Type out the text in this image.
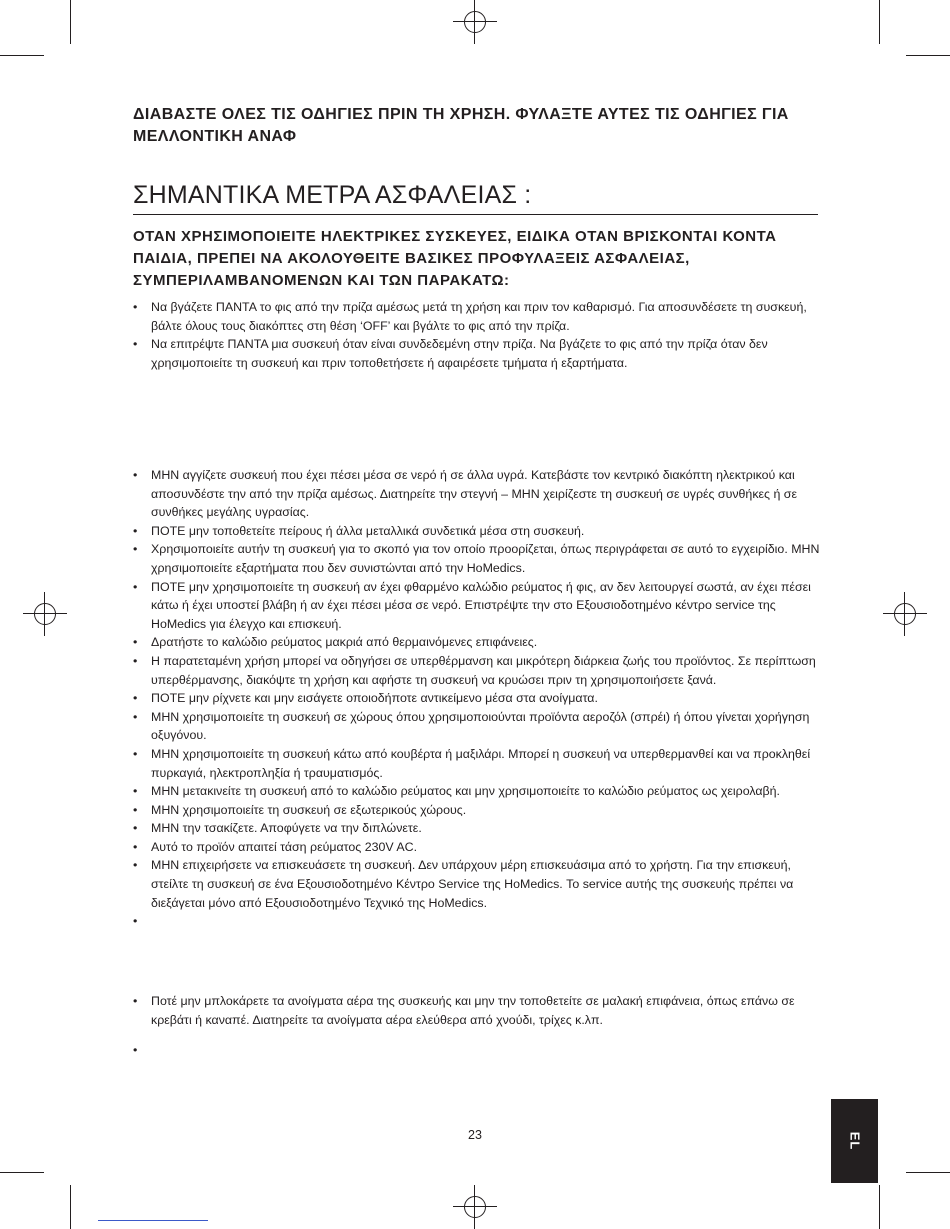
ΔΙΑΒΑΣΤΕ ΟΛΕΣ ΤΙΣ ΟΔΗΓΙΕΣ ΠΡΙΝ ΤΗ ΧΡΗΣΗ. ΦΥΛΑΞΤΕ ΑΥΤΕΣ ΤΙΣ ΟΔΗΓΙΕΣ ΓΙΑ ΜΕΛΛΟΝΤΙΚΗ ΑΝΑΦ
ΣΗΜΑΝΤΙΚΑ ΜΕΤΡΑ ΑΣΦΑΛΕΙΑΣ :

ΟΤΑΝ ΧΡΗΣΙΜΟΠΟΙΕΙΤΕ ΗΛΕΚΤΡΙΚΕΣ ΣΥΣΚΕΥΕΣ, ΕΙΔΙΚΑ ΟΤΑΝ ΒΡΙΣΚΟΝΤΑΙ ΚΟΝΤΑ ΠΑΙΔΙΑ, ΠΡΕΠΕΙ ΝΑ ΑΚΟΛΟΥΘΕΙΤΕ ΒΑΣΙΚΕΣ ΠΡΟΦΥΛΑΞΕΙΣ ΑΣΦΑΛΕΙΑΣ, ΣΥΜΠΕΡΙΛΑΜΒΑΝΟΜΕΝΩΝ ΚΑΙ ΤΩΝ ΠΑΡΑΚΑΤΩ:

• Να βγάζετε ΠΑΝΤΑ το φις από την πρίζα αμέσως μετά τη χρήση και πριν τον καθαρισμό. Για αποσυνδέσετε τη συσκευή, βάλτε όλους τους διακόπτες στη θέση ‘OFF’ και βγάλτε το φις από την πρίζα.
• Να επιτρέψτε ΠΑΝΤΑ μια συσκευή όταν είναι συνδεδεμένη στην πρίζα. Να βγάζετε το φις από την πρίζα όταν δεν χρησιμοποιείτε τη συσκευή και πριν τοποθετήσετε ή αφαιρέσετε τμήματα ή εξαρτήματα.
• ΜΗΝ αγγίζετε συσκευή που έχει πέσει μέσα σε νερό ή σε άλλα υγρά. Κατεβάστε τον κεντρικό διακόπτη ηλεκτρικού και αποσυνδέστε την από την πρίζα αμέσως. Διατηρείτε την στεγνή – ΜΗΝ χειρίζεστε τη συσκευή σε υγρές συνθήκες ή σε συνθήκες μεγάλης υγρασίας.
• ΠΟΤΕ μην τοποθετείτε πείρους ή άλλα μεταλλικά συνδετικά μέσα στη συσκευή.
• Χρησιμοποιείτε αυτήν τη συσκευή για το σκοπό για τον οποίο προορίζεται, όπως περιγράφεται σε αυτό το εγχειρίδιο. ΜΗΝ χρησιμοποιείτε εξαρτήματα που δεν συνιστώνται από την HoMedics.
• ΠΟΤΕ μην χρησιμοποιείτε τη συσκευή αν έχει φθαρμένο καλώδιο ρεύματος ή φις, αν δεν λειτουργεί σωστά, αν έχει πέσει κάτω ή έχει υποστεί βλάβη ή αν έχει πέσει μέσα σε νερό. Επιστρέψτε την στο Εξουσιοδοτημένο κέντρο service της HoMedics για έλεγχο και επισκευή.
• Δρατήστε το καλώδιο ρεύματος μακριά από θερμαινόμενες επιφάνειες.
• Η παρατεταμένη χρήση μπορεί να οδηγήσει σε υπερθέρμανση και μικρότερη διάρκεια ζωής του προϊόντος. Σε περίπτωση υπερθέρμανσης, διακόψτε τη χρήση και αφήστε τη συσκευή να κρυώσει πριν τη χρησιμοποιήσετε ξανά.
• ΠΟΤΕ μην ρίχνετε και μην εισάγετε οποιοδήποτε αντικείμενο μέσα στα ανοίγματα.
• ΜΗΝ χρησιμοποιείτε τη συσκευή σε χώρους όπου χρησιμοποιούνται προϊόντα αεροζόλ (σπρέι) ή όπου γίνεται χορήγηση οξυγόνου.
• ΜΗΝ χρησιμοποιείτε τη συσκευή κάτω από κουβέρτα ή μαξιλάρι. Μπορεί η συσκευή να υπερθερμανθεί και να προκληθεί πυρκαγιά, ηλεκτροπληξία ή τραυματισμός.
• ΜΗΝ μετακινείτε τη συσκευή από το καλώδιο ρεύματος και μην χρησιμοποιείτε το καλώδιο ρεύματος ως χειρολαβή.
• ΜΗΝ χρησιμοποιείτε τη συσκευή σε εξωτερικούς χώρους.
• ΜΗΝ την τσακίζετε. Αποφύγετε να την διπλώνετε.
• Αυτό το προϊόν απαιτεί τάση ρεύματος 230V AC.
• ΜΗΝ επιχειρήσετε να επισκευάσετε τη συσκευή. Δεν υπάρχουν μέρη επισκευάσιμα από το χρήστη. Για την επισκευή, στείλτε τη συσκευή σε ένα Εξουσιοδοτημένο Κέντρο Service της HoMedics. Το service αυτής της συσκευής πρέπει να διεξάγεται μόνο από Εξουσιοδοτημένο Τεχνικό της HoMedics.
•
• Ποτέ μην μπλοκάρετε τα ανοίγματα αέρα της συσκευής και μην την τοποθετείτε σε μαλακή επιφάνεια, όπως επάνω σε κρεβάτι ή καναπέ. Διατηρείτε τα ανοίγματα αέρα ελεύθερα από χνούδι, τρίχες κ.λπ.
•
23	EL
